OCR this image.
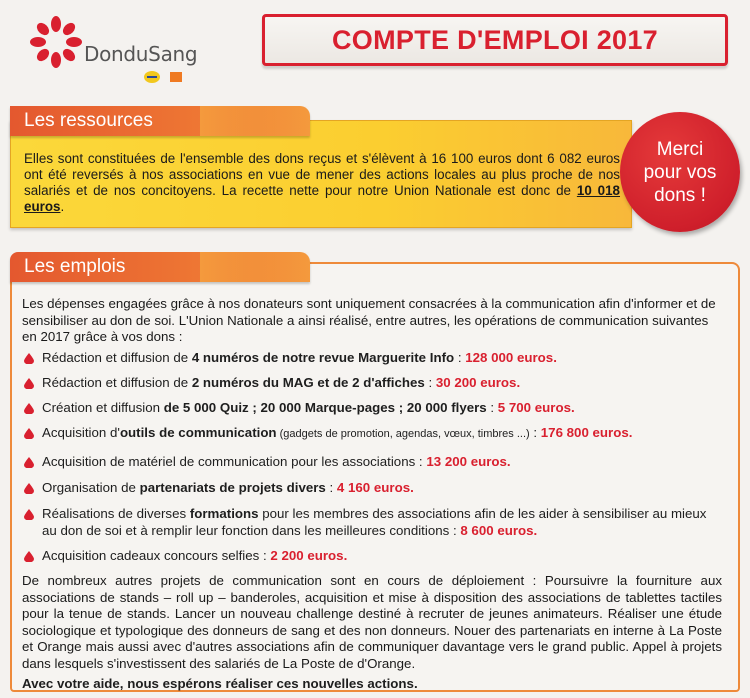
DonduSang	COMPTE D'EMPLOI 2017
Les ressources

Elles sont constituées de l'ensemble des dons reçus et s'élèvent à 16 100 euros dont 6 082 euros ont été reversés à nos associations en vue de mener des actions locales au plus proche de nos salariés et de nos concitoyens. La recette nette pour notre Union Nationale est donc de 10 018 euros.

Merci
pour vos
dons !
Les emplois

Les dépenses engagées grâce à nos donateurs sont uniquement consacrées à la communication afin d'informer et de sensibiliser au don de soi. L'Union Nationale a ainsi réalisé, entre autres, les opérations de communication suivantes en 2017 grâce à vos dons :

Rédaction et diffusion de 4 numéros de notre revue Marguerite Info : 128 000 euros.
Rédaction et diffusion de 2 numéros du MAG et de 2 d'affiches : 30 200 euros.
Création et diffusion de 5 000 Quiz ; 20 000 Marque-pages ; 20 000 flyers : 5 700 euros.
Acquisition d'outils de communication (gadgets de promotion, agendas, vœux, timbres ...) : 176 800 euros.
Acquisition de matériel de communication pour les associations : 13 200 euros.
Organisation de partenariats de projets divers : 4 160 euros.
Réalisations de diverses formations pour les membres des associations afin de les aider à sensibiliser au mieux au don de soi et à remplir leur fonction dans les meilleures conditions : 8 600 euros.
Acquisition cadeaux concours selfies : 2 200 euros.

De nombreux autres projets de communication sont en cours de déploiement : Poursuivre la fourniture aux associations de stands – roll up – banderoles, acquisition et mise à disposition des associations de tablettes tactiles pour la tenue de stands. Lancer un nouveau challenge destiné à recruter de jeunes animateurs. Réaliser une étude sociologique et typologique des donneurs de sang et des non donneurs. Nouer des partenariats en interne à La Poste et Orange mais aussi avec d'autres associations afin de communiquer davantage vers le grand public. Appel à projets dans lesquels s'investissent des salariés de La Poste de d'Orange.

Avec votre aide, nous espérons réaliser ces nouvelles actions.
